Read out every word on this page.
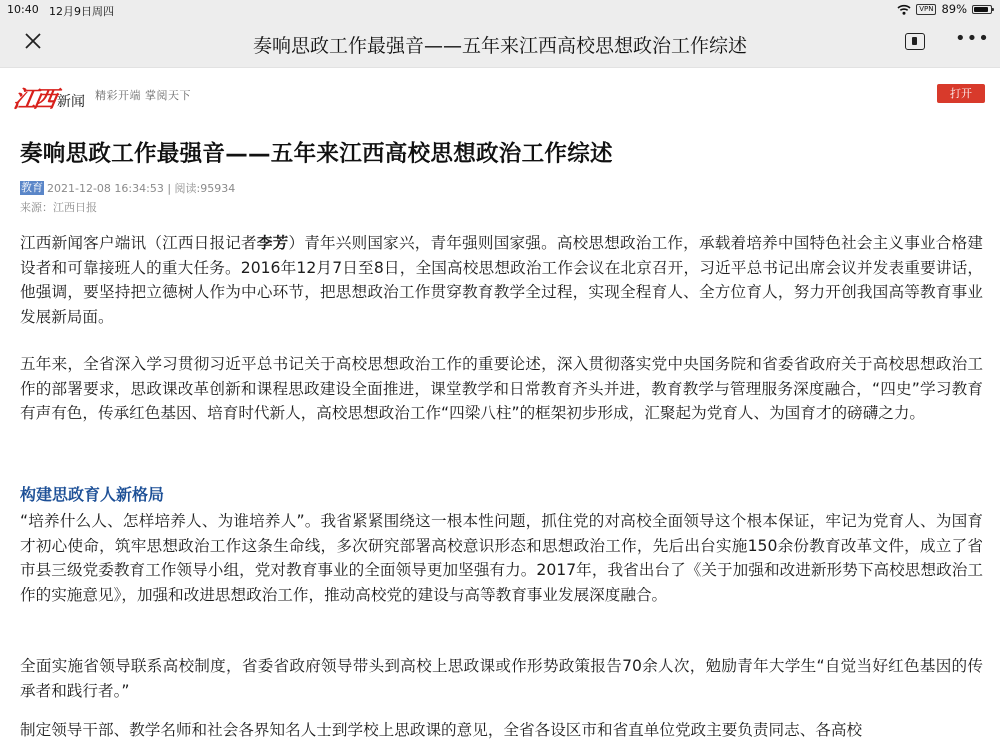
10:40 12月9日周四	VPN 89%
奏响思政工作最强音——五年来江西高校思想政治工作综述	•••
江西 新闻 精彩开端 掌阅天下	打开
奏响思政工作最强音——五年来江西高校思想政治工作综述
教育 2021-12-08 16:34:53 | 阅读: 95934
来源：江西日报

江西新闻客户端讯（江西日报记者李芳）青年兴则国家兴，青年强则国家强。高校思想政治工作，承载着培养中国特色社会主义事业合格建设者和可靠接班人的重大任务。2016年12月7日至8日，全国高校思想政治工作会议在北京召开，习近平总书记出席会议并发表重要讲话，他强调，要坚持把立德树人作为中心环节，把思想政治工作贯穿教育教学全过程，实现全程育人、全方位育人，努力开创我国高等教育事业发展新局面。

五年来，全省深入学习贯彻习近平总书记关于高校思想政治工作的重要论述，深入贯彻落实党中央国务院和省委省政府关于高校思想政治工作的部署要求，思政课改革创新和课程思政建设全面推进，课堂教学和日常教育齐头并进，教育教学与管理服务深度融合，“四史”学习教育有声有色，传承红色基因、培育时代新人，高校思想政治工作“四梁八柱”的框架初步形成，汇聚起为党育人、为国育才的磅礴之力。

构建思政育人新格局

“培养什么人、怎样培养人、为谁培养人”。我省紧紧围绕这一根本性问题，抓住党的对高校全面领导这个根本保证，牢记为党育人、为国育才初心使命，筑牢思想政治工作这条生命线，多次研究部署高校意识形态和思想政治工作，先后出台实施150余份教育改革文件，成立了省市县三级党委教育工作领导小组，党对教育事业的全面领导更加坚强有力。2017年，我省出台了《关于加强和改进新形势下高校思想政治工作的实施意见》，加强和改进思想政治工作，推动高校党的建设与高等教育事业发展深度融合。

全面实施省领导联系高校制度，省委省政府领导带头到高校上思政课或作形势政策报告70余人次，勉励青年大学生“自觉当好红色基因的传承者和践行者。”

制定领导干部、教学名师和社会各界知名人士到学校上思政课的意见，全省各设区市和省直单位党政主要负责同志、各高校
